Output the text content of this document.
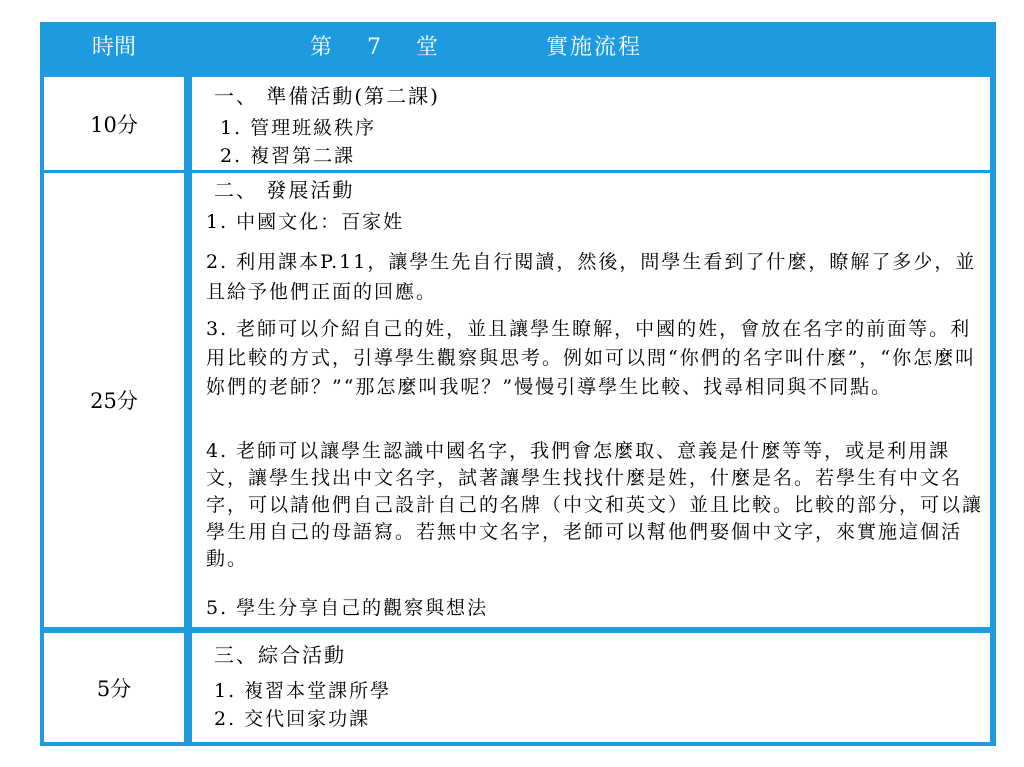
時間	第 7 堂	實施流程
10分
一、 準備活動(第二課)
1. 管理班級秩序
2. 複習第二課
25分
二、 發展活動
1. 中國文化：百家姓
2. 利用課本P.11，讓學生先自行閱讀，然後，問學生看到了什麼，瞭解了多少，並且給予他們正面的回應。
3. 老師可以介紹自己的姓，並且讓學生瞭解，中國的姓，會放在名字的前面等。利用比較的方式，引導學生觀察與思考。例如可以問“你們的名字叫什麼”，“你怎麼叫妳們的老師？”“那怎麼叫我呢？”慢慢引導學生比較、找尋相同與不同點。
4. 老師可以讓學生認識中國名字，我們會怎麼取、意義是什麼等等，或是利用課文，讓學生找出中文名字，試著讓學生找找什麼是姓，什麼是名。若學生有中文名字，可以請他們自己設計自己的名牌（中文和英文）並且比較。比較的部分，可以讓學生用自己的母語寫。若無中文名字，老師可以幫他們娶個中文字，來實施這個活動。
5. 學生分享自己的觀察與想法
5分
三、綜合活動
1. 複習本堂課所學
2. 交代回家功課
